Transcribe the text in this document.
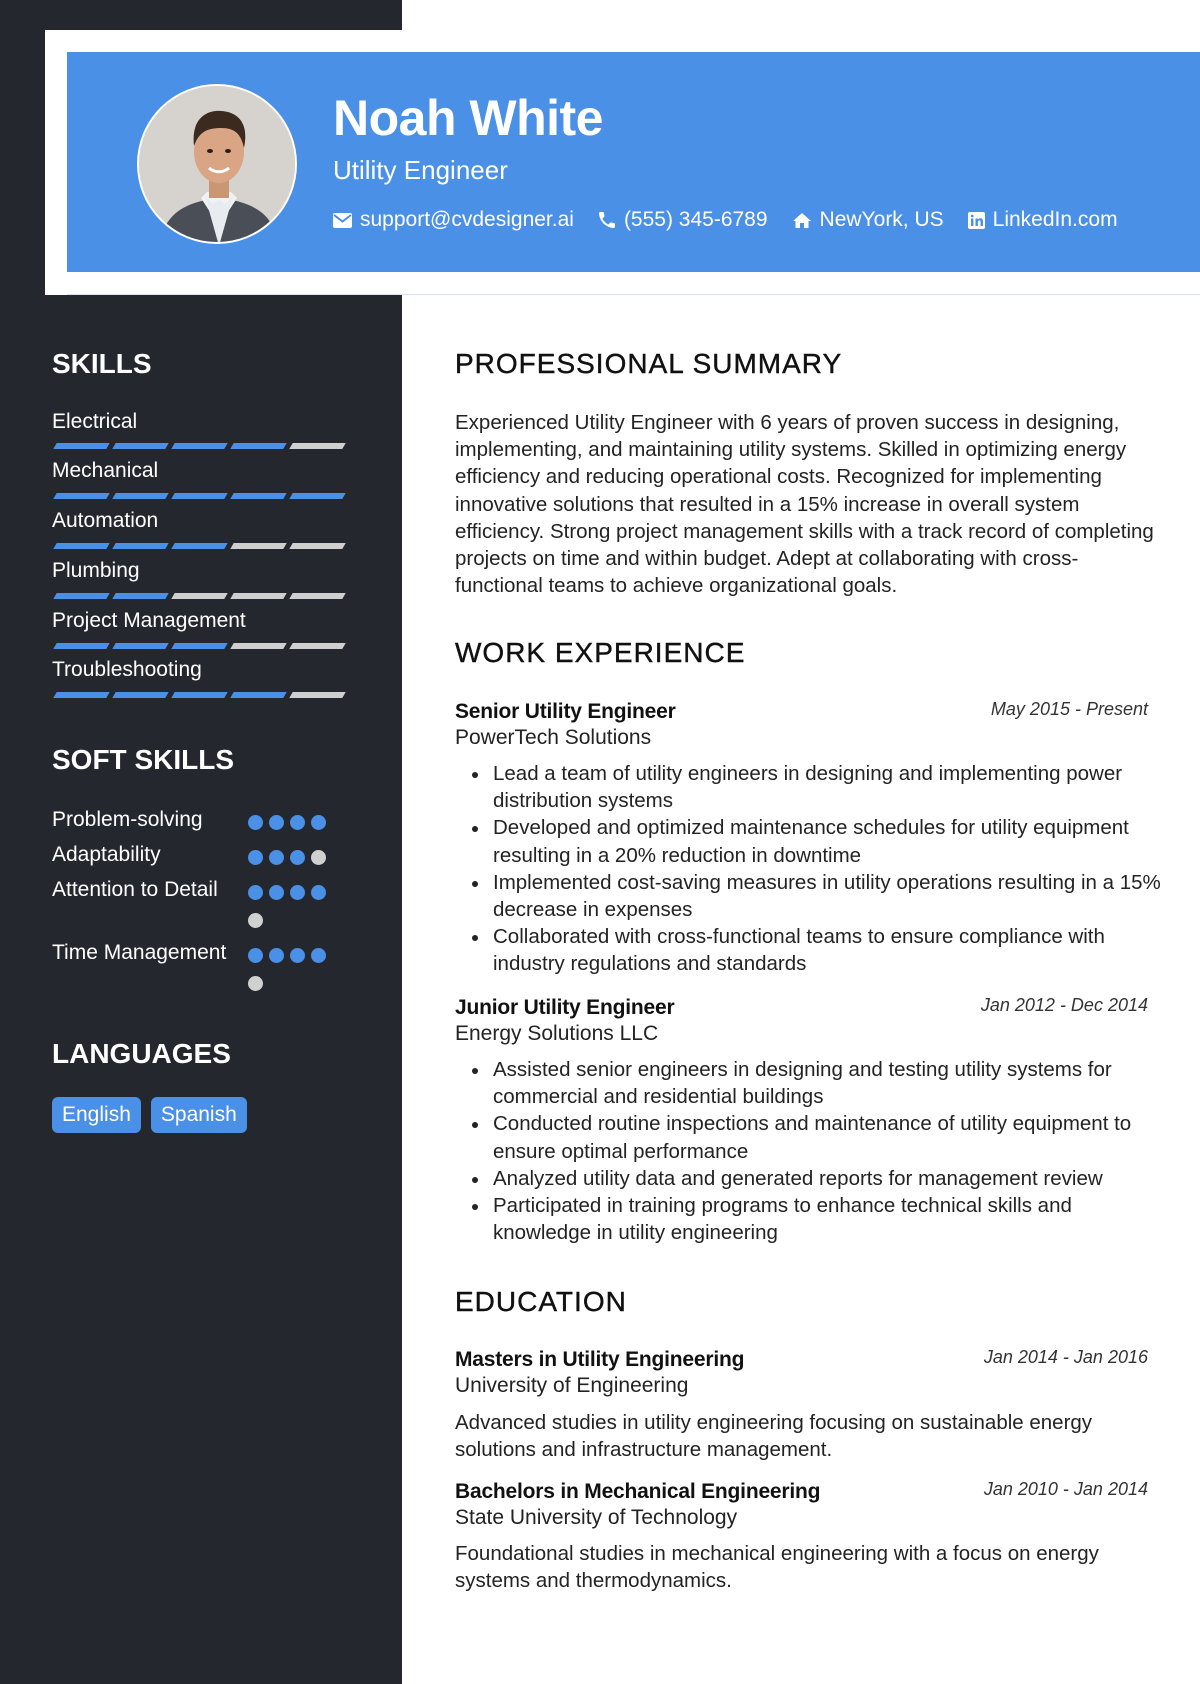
Noah White
Utility Engineer
support@cvdesigner.ai (555) 345-6789 NewYork, US LinkedIn.com
SKILLS
Electrical
Mechanical
Automation
Plumbing
Project Management
Troubleshooting
SOFT SKILLS
Problem-solving
Adaptability
Attention to Detail
Time Management
LANGUAGES
English	Spanish
PROFESSIONAL SUMMARY
Experienced Utility Engineer with 6 years of proven success in designing, implementing, and maintaining utility systems. Skilled in optimizing energy efficiency and reducing operational costs. Recognized for implementing innovative solutions that resulted in a 15% increase in overall system efficiency. Strong project management skills with a track record of completing projects on time and within budget. Adept at collaborating with cross-functional teams to achieve organizational goals.
WORK EXPERIENCE
Senior Utility Engineer	May 2015 - Present
PowerTech Solutions
Lead a team of utility engineers in designing and implementing power distribution systems
Developed and optimized maintenance schedules for utility equipment resulting in a 20% reduction in downtime
Implemented cost-saving measures in utility operations resulting in a 15% decrease in expenses
Collaborated with cross-functional teams to ensure compliance with industry regulations and standards
Junior Utility Engineer	Jan 2012 - Dec 2014
Energy Solutions LLC
Assisted senior engineers in designing and testing utility systems for commercial and residential buildings
Conducted routine inspections and maintenance of utility equipment to ensure optimal performance
Analyzed utility data and generated reports for management review
Participated in training programs to enhance technical skills and knowledge in utility engineering
EDUCATION
Masters in Utility Engineering	Jan 2014 - Jan 2016
University of Engineering
Advanced studies in utility engineering focusing on sustainable energy solutions and infrastructure management.
Bachelors in Mechanical Engineering	Jan 2010 - Jan 2014
State University of Technology
Foundational studies in mechanical engineering with a focus on energy systems and thermodynamics.
